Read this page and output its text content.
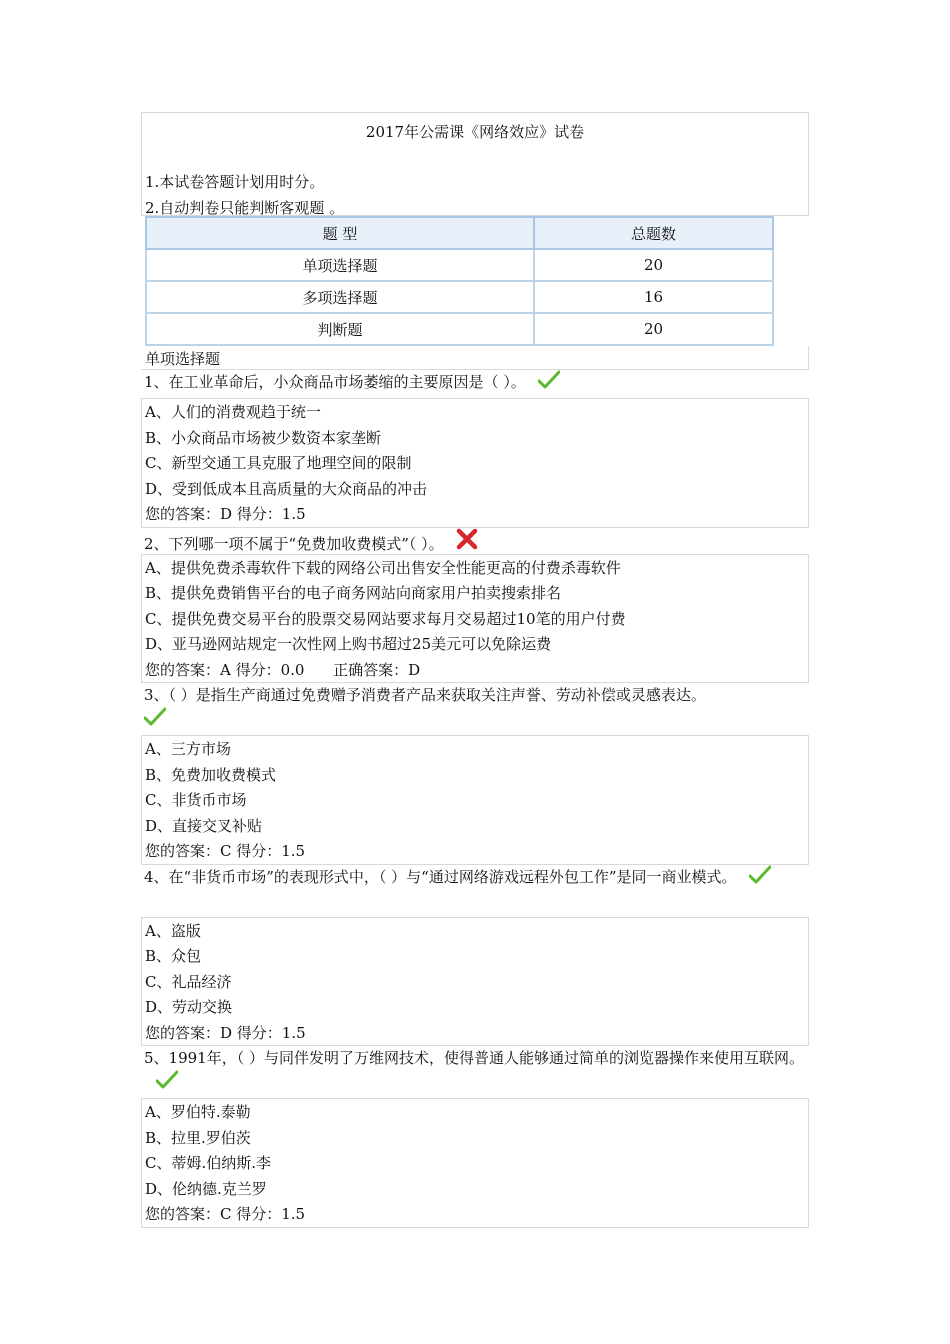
2017年公需课《网络效应》试卷
1.本试卷答题计划用时分。
2.自动判卷只能判断客观题 。
题 型	总题数
单项选择题	20
多项选择题	16
判断题	20
单项选择题
1、在工业革命后，小众商品市场萎缩的主要原因是（ ）。
A、人们的消费观趋于统一
B、小众商品市场被少数资本家垄断
C、新型交通工具克服了地理空间的限制
D、受到低成本且高质量的大众商品的冲击
您的答案：D 得分：1.5
2、下列哪一项不属于“免费加收费模式”（ ）。
A、提供免费杀毒软件下载的网络公司出售安全性能更高的付费杀毒软件
B、提供免费销售平台的电子商务网站向商家用户拍卖搜索排名
C、提供免费交易平台的股票交易网站要求每月交易超过10笔的用户付费
D、亚马逊网站规定一次性网上购书超过25美元可以免除运费
您的答案：A 得分：0.0      正确答案：D
3、（ ）是指生产商通过免费赠予消费者产品来获取关注声誉、劳动补偿或灵感表达。

A、三方市场
B、免费加收费模式
C、非货币市场
D、直接交叉补贴
您的答案：C 得分：1.5
4、在“非货币市场”的表现形式中，（ ）与“通过网络游戏远程外包工作”是同一商业模式。
A、盗版
B、众包
C、礼品经济
D、劳动交换
您的答案：D 得分：1.5
5、1991年，（ ）与同伴发明了万维网技术，使得普通人能够通过简单的浏览器操作来使用互联网。
A、罗伯特.泰勒
B、拉里.罗伯茨
C、蒂姆.伯纳斯.李
D、伦纳德.克兰罗
您的答案：C 得分：1.5
